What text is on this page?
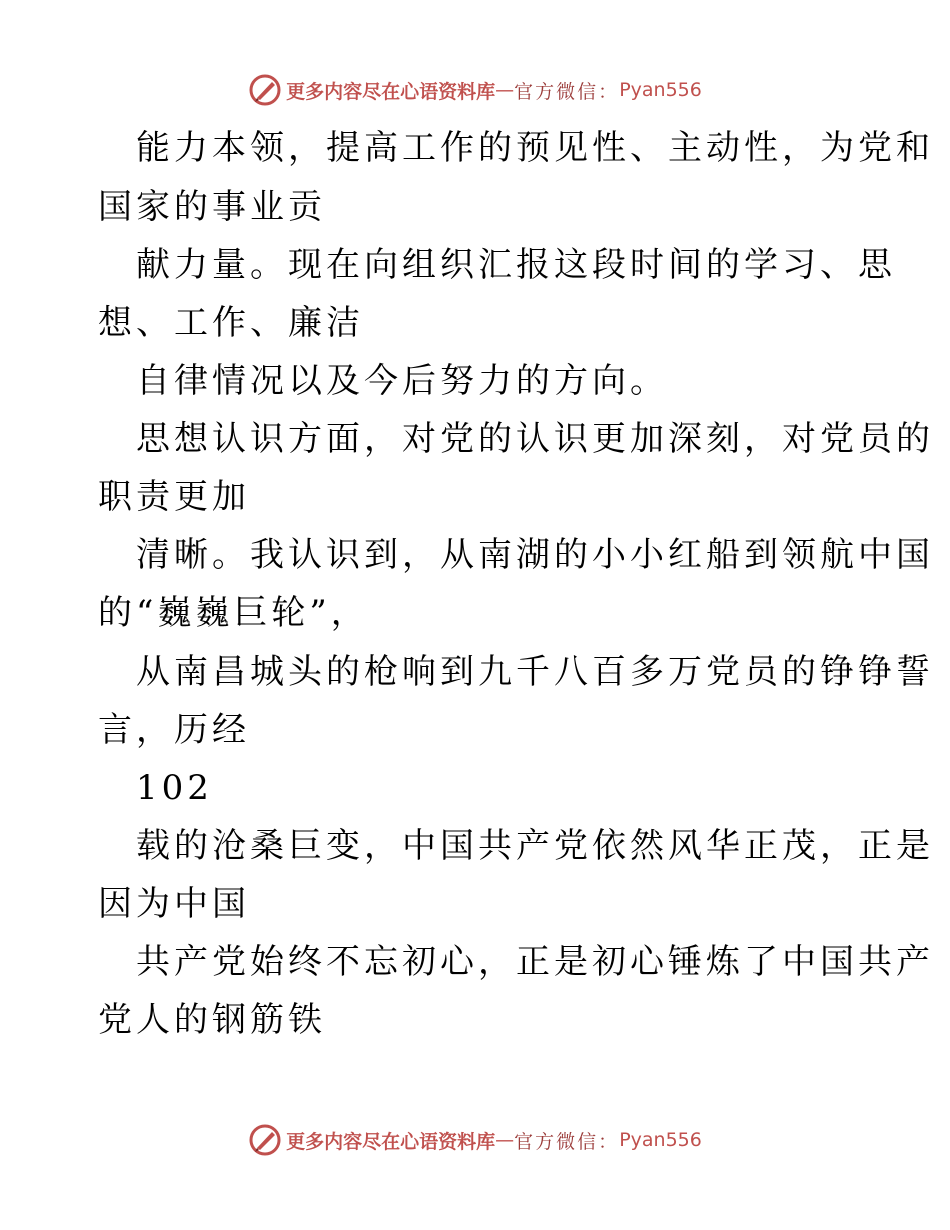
更多内容尽在心语资料库 — 官方微信： Pyan556
能力本领，提高工作的预见性、主动性，为党和
国家的事业贡
献力量。现在向组织汇报这段时间的学习、思
想、工作、廉洁
自律情况以及今后努力的方向。
思想认识方面，对党的认识更加深刻，对党员的
职责更加
清晰。我认识到，从南湖的小小红船到领航中国
的“巍巍巨轮”，
从南昌城头的枪响到九千八百多万党员的铮铮誓
言，历经
102
载的沧桑巨变，中国共产党依然风华正茂，正是
因为中国
共产党始终不忘初心，正是初心锤炼了中国共产
党人的钢筋铁
更多内容尽在心语资料库 — 官方微信： Pyan556
